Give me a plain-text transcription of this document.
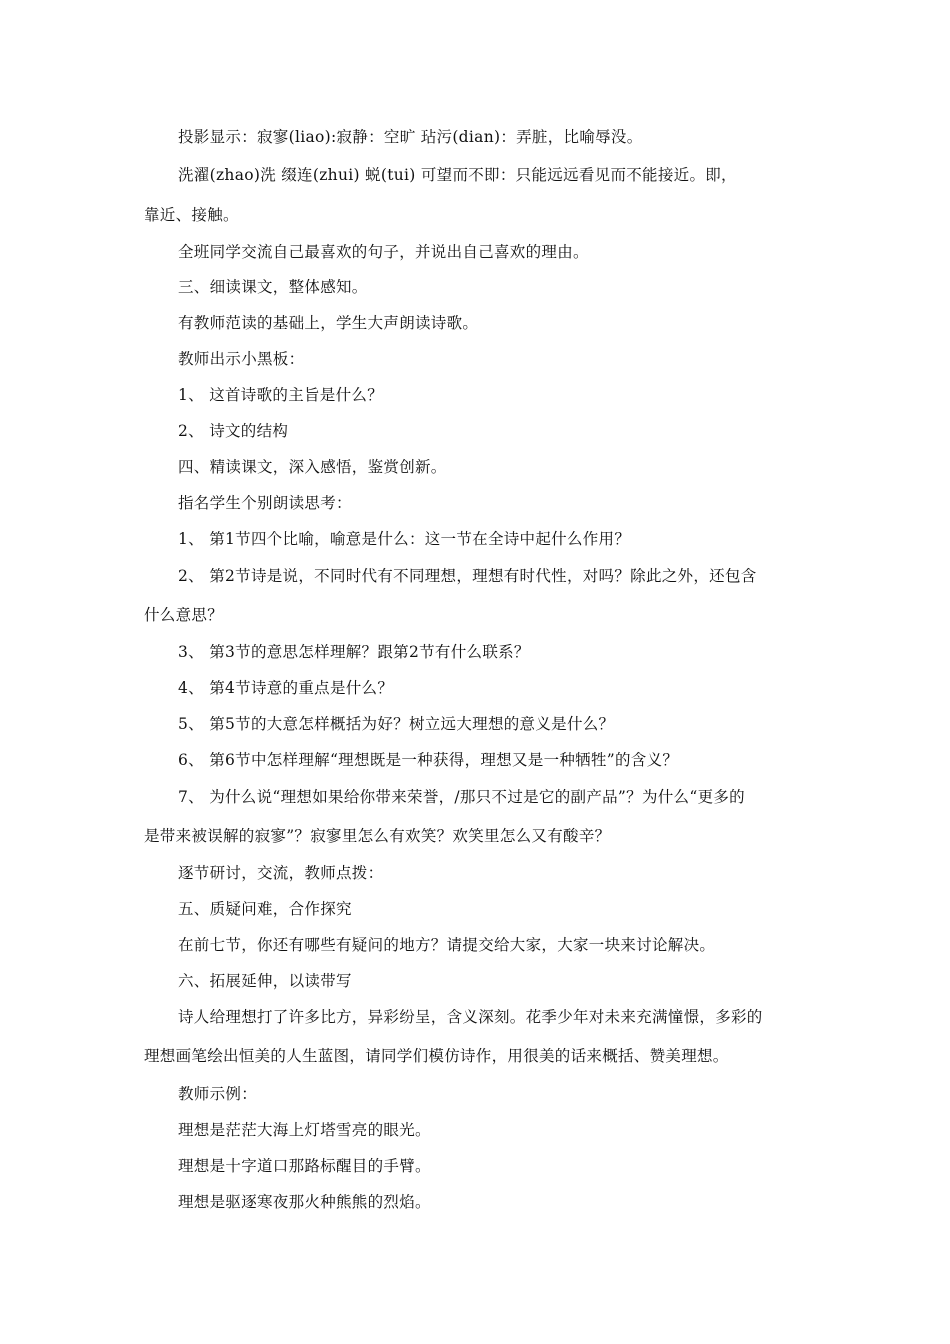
投影显示：寂寥(liao):寂静：空旷 玷污(dian)：弄脏，比喻辱没。
洗濯(zhao)洗 缀连(zhui) 蜕(tui) 可望而不即：只能远远看见而不能接近。即，
靠近、接触。
全班同学交流自己最喜欢的句子，并说出自己喜欢的理由。
三、细读课文，整体感知。
有教师范读的基础上，学生大声朗读诗歌。
教师出示小黑板：
1、 这首诗歌的主旨是什么？
2、 诗文的结构
四、精读课文，深入感悟，鉴赏创新。
指名学生个别朗读思考：
1、 第1节四个比喻，喻意是什么：这一节在全诗中起什么作用？
2、 第2节诗是说，不同时代有不同理想，理想有时代性，对吗？除此之外，还包含
什么意思？
3、 第3节的意思怎样理解？跟第2节有什么联系？
4、 第4节诗意的重点是什么？
5、 第5节的大意怎样概括为好？树立远大理想的意义是什么？
6、 第6节中怎样理解“理想既是一种获得，理想又是一种牺牲”的含义？
7、 为什么说“理想如果给你带来荣誉，/那只不过是它的副产品”？为什么“更多的
是带来被误解的寂寥”？寂寥里怎么有欢笑？欢笑里怎么又有酸辛？
逐节研讨，交流，教师点拨：
五、质疑问难，合作探究
在前七节，你还有哪些有疑问的地方？请提交给大家，大家一块来讨论解决。
六、拓展延伸，以读带写
诗人给理想打了许多比方，异彩纷呈，含义深刻。花季少年对未来充满憧憬，多彩的
理想画笔绘出恒美的人生蓝图，请同学们模仿诗作，用很美的话来概括、赞美理想。
教师示例：
理想是茫茫大海上灯塔雪亮的眼光。
理想是十字道口那路标醒目的手臂。
理想是驱逐寒夜那火种熊熊的烈焰。
